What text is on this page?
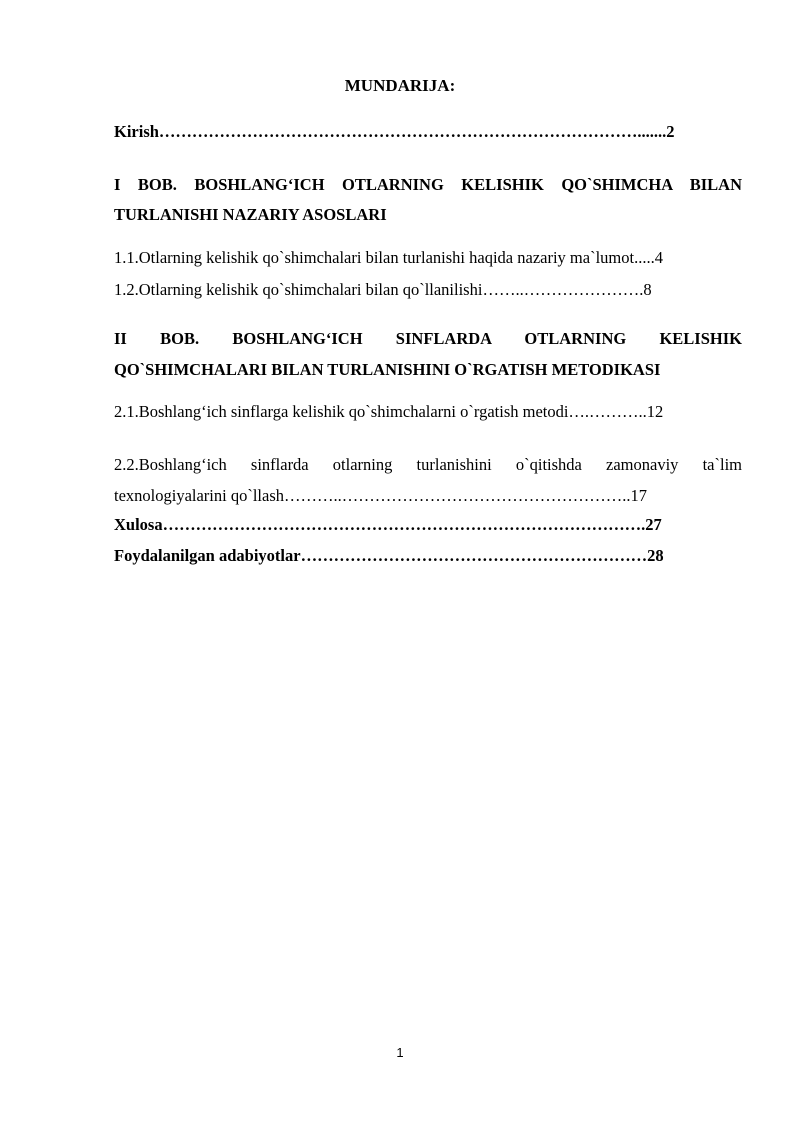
MUNDARIJA:
Kirish…………………………………………………………………………….......2
I BOB. BOSHLANG‘ICH OTLARNING KELISHIK QO`SHIMCHA BILAN
TURLANISHI NAZARIY ASOSLARI
1.1.Otlarning kelishik qo`shimchalari bilan turlanishi haqida nazariy ma`lumot.....4
1.2.Otlarning kelishik qo`shimchalari bilan qo`llanilishi……..………………….8
II BOB. BOSHLANG‘ICH SINFLARDA OTLARNING KELISHIK
QO`SHIMCHALARI BILAN TURLANISHINI O`RGATISH METODIKASI
2.1.Boshlang‘ich sinflarga kelishik qo`shimchalarni o`rgatish metodi….………..12
2.2.Boshlang‘ich sinflarda otlarning turlanishini o`qitishda zamonaviy ta`lim
texnologiyalarini qo`llash………..……………………………………………..17
Xulosa…………………………………………………………………………….27
Foydalanilgan adabiyotlar………………………………………………………28
1
